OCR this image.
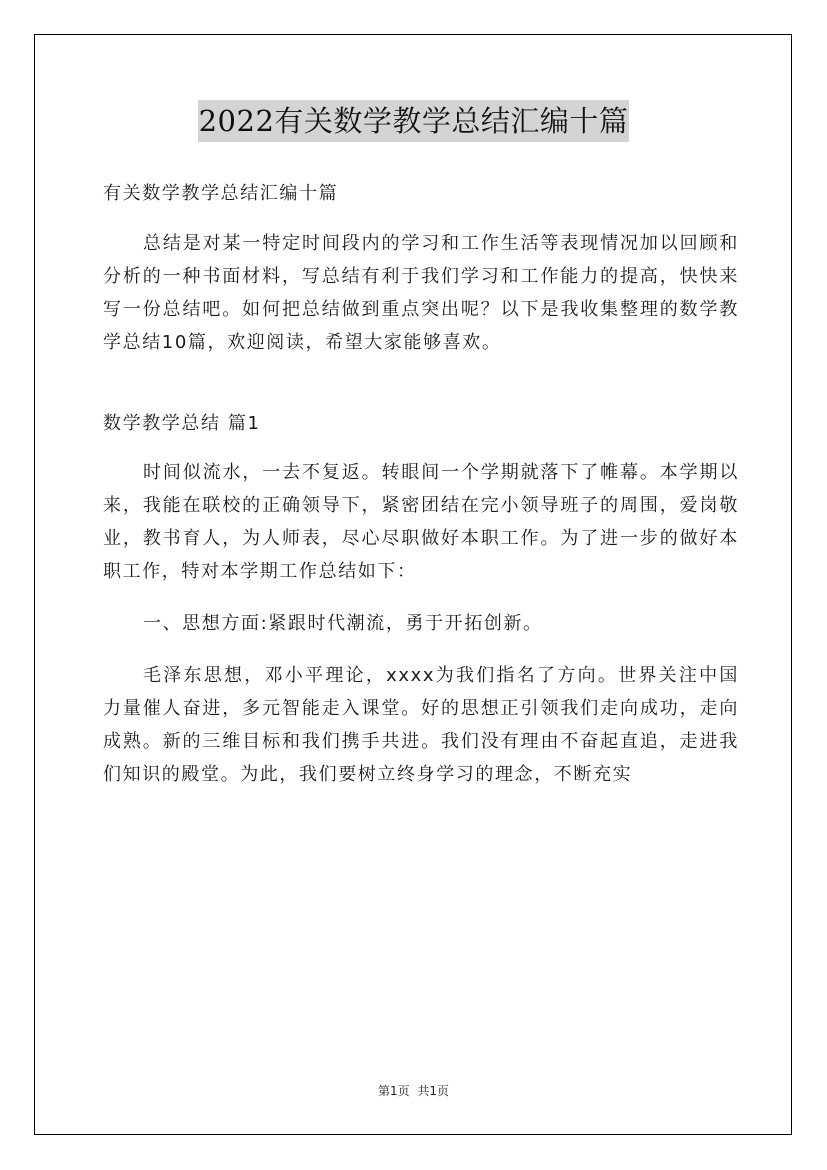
2022有关数学教学总结汇编十篇

有关数学教学总结汇编十篇

总结是对某一特定时间段内的学习和工作生活等表现情况加以回顾和分析的一种书面材料，写总结有利于我们学习和工作能力的提高，快快来写一份总结吧。如何把总结做到重点突出呢？以下是我收集整理的数学教学总结10篇，欢迎阅读，希望大家能够喜欢。

数学教学总结 篇1

时间似流水，一去不复返。转眼间一个学期就落下了帷幕。本学期以来，我能在联校的正确领导下，紧密团结在完小领导班子的周围，爱岗敬业，教书育人，为人师表，尽心尽职做好本职工作。为了进一步的做好本职工作，特对本学期工作总结如下：

一、思想方面:紧跟时代潮流，勇于开拓创新。

毛泽东思想，邓小平理论，xxxx为我们指名了方向。世界关注中国力量催人奋进，多元智能走入课堂。好的思想正引领我们走向成功，走向成熟。新的三维目标和我们携手共进。我们没有理由不奋起直追，走进我们知识的殿堂。为此，我们要树立终身学习的理念，不断充实

第1页 共1页
